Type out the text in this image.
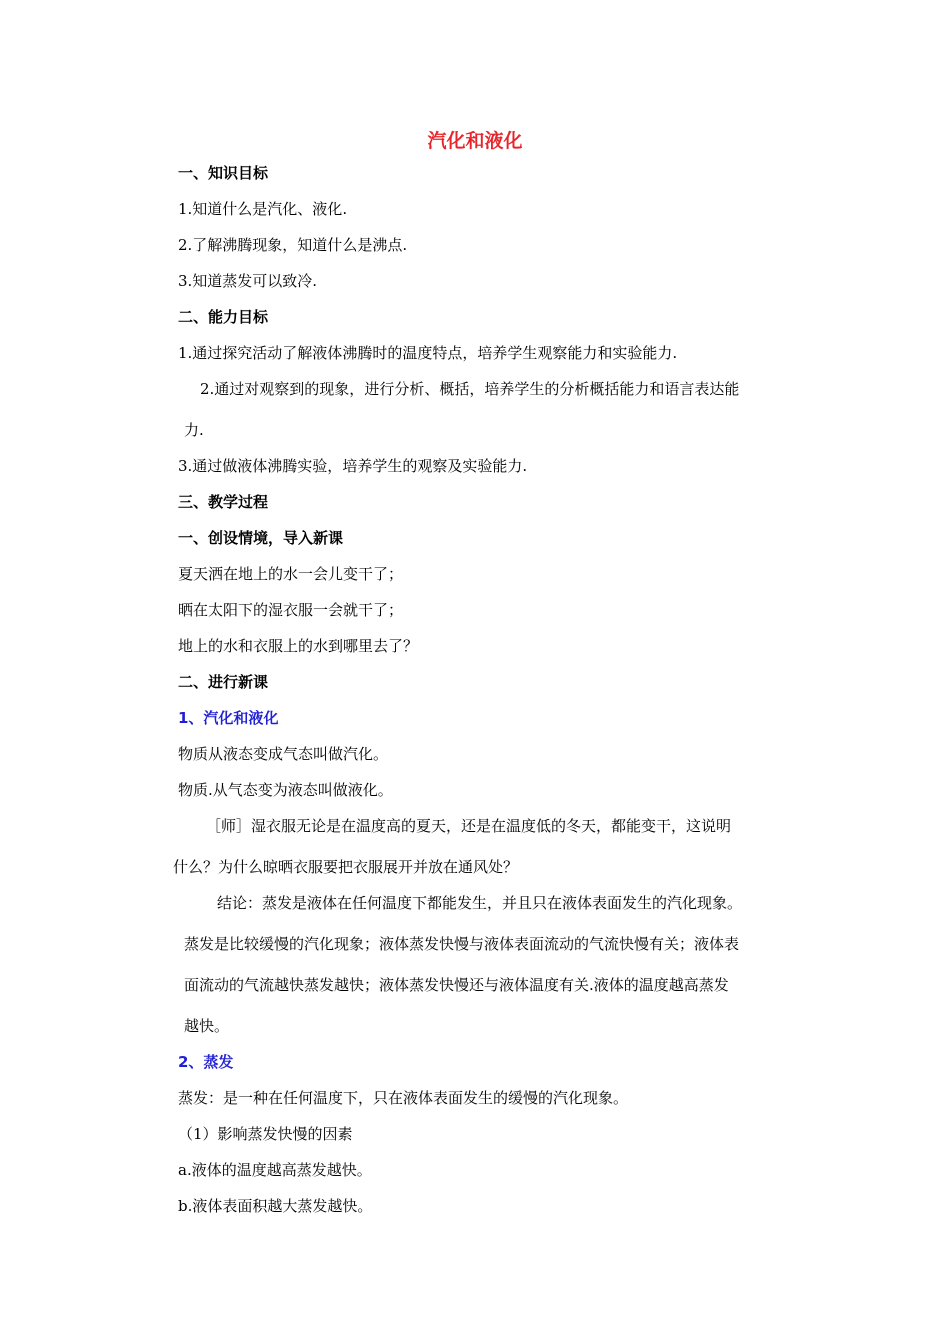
汽化和液化
一、知识目标
1.知道什么是汽化、液化.
2.了解沸腾现象，知道什么是沸点.
3.知道蒸发可以致冷.
二、能力目标
1.通过探究活动了解液体沸腾时的温度特点，培养学生观察能力和实验能力.
2.通过对观察到的现象，进行分析、概括，培养学生的分析概括能力和语言表达能
力.
3.通过做液体沸腾实验，培养学生的观察及实验能力.
三、教学过程
一、创设情境，导入新课
夏天洒在地上的水一会儿变干了；
晒在太阳下的湿衣服一会就干了；
地上的水和衣服上的水到哪里去了？
二、进行新课
1、汽化和液化
物质从液态变成气态叫做汽化。
物质.从气态变为液态叫做液化。
［师］湿衣服无论是在温度高的夏天，还是在温度低的冬天，都能变干，这说明
什么？为什么晾晒衣服要把衣服展开并放在通风处？
结论：蒸发是液体在任何温度下都能发生，并且只在液体表面发生的汽化现象。
蒸发是比较缓慢的汽化现象；液体蒸发快慢与液体表面流动的气流快慢有关；液体表
面流动的气流越快蒸发越快；液体蒸发快慢还与液体温度有关.液体的温度越高蒸发
越快。
2、蒸发
蒸发：是一种在任何温度下，只在液体表面发生的缓慢的汽化现象。
（1）影响蒸发快慢的因素
a.液体的温度越高蒸发越快。
b.液体表面积越大蒸发越快。
